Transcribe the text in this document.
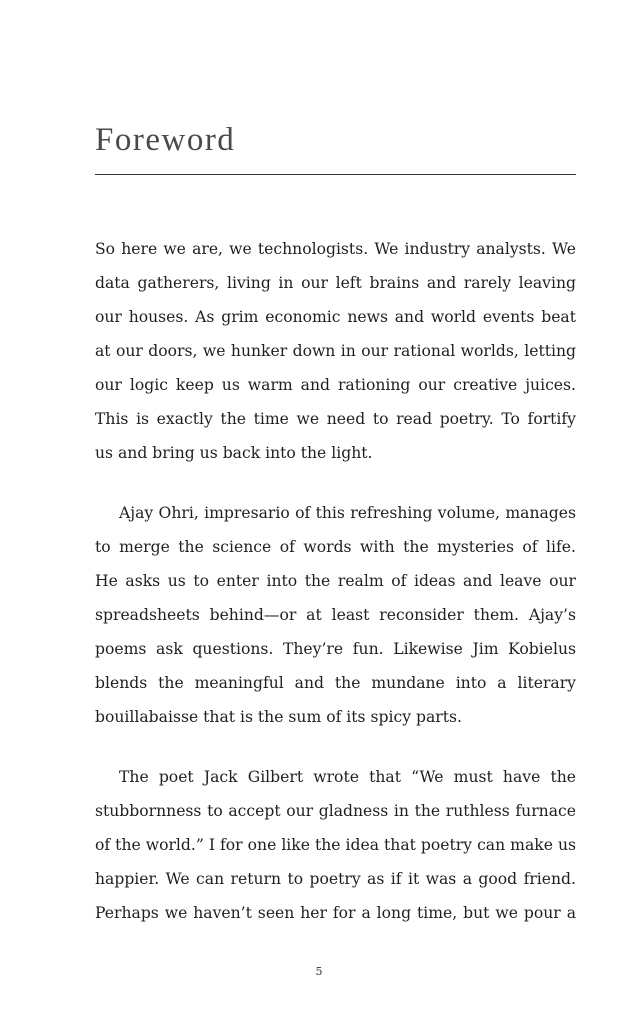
Foreword

So here we are, we technologists. We industry analysts. We
data gatherers, living in our left brains and rarely leaving
our houses. As grim economic news and world events beat
at our doors, we hunker down in our rational worlds, letting
our logic keep us warm and rationing our creative juices.
This is exactly the time we need to read poetry. To fortify
us and bring us back into the light.

Ajay Ohri, impresario of this refreshing volume, manages
to merge the science of words with the mysteries of life.
He asks us to enter into the realm of ideas and leave our
spreadsheets behind—or at least reconsider them. Ajay’s
poems ask questions. They’re fun. Likewise Jim Kobielus
blends the meaningful and the mundane into a literary
bouillabaisse that is the sum of its spicy parts.

The poet Jack Gilbert wrote that “We must have the
stubbornness to accept our gladness in the ruthless furnace
of the world.” I for one like the idea that poetry can make us
happier. We can return to poetry as if it was a good friend.
Perhaps we haven’t seen her for a long time, but we pour a

5
